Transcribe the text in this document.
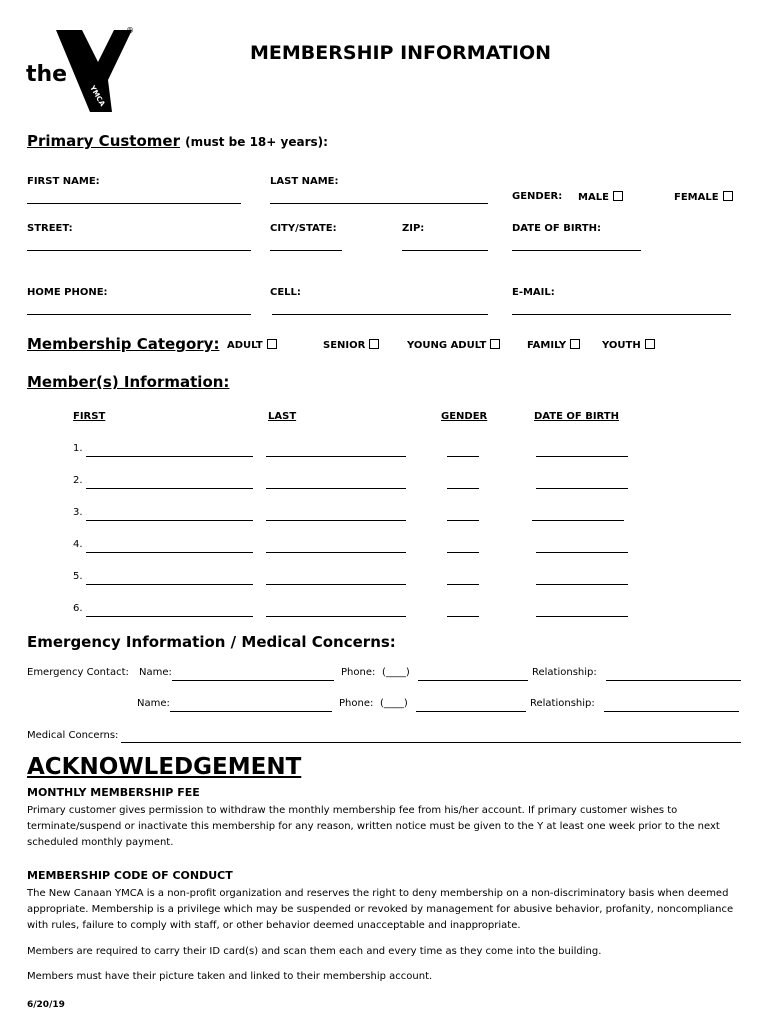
the
YMCA
®
MEMBERSHIP INFORMATION
Primary Customer (must be 18+ years):
FIRST NAME:	LAST NAME:
GENDER: MALE	FEMALE
STREET:	CITY/STATE:	ZIP:	DATE OF BIRTH:
HOME PHONE:	CELL:	E-MAIL:
Membership Category: ADULT	SENIOR	YOUNG ADULT	FAMILY	YOUTH
Member(s) Information:
FIRST	LAST	GENDER	DATE OF BIRTH
1.
2.
3.
4.
5.
6.
Emergency Information / Medical Concerns:
Emergency Contact: Name:	Phone: (____)	Relationship:
Name:	Phone: (____)	Relationship:
Medical Concerns:
ACKNOWLEDGEMENT
MONTHLY MEMBERSHIP FEE
Primary customer gives permission to withdraw the monthly membership fee from his/her account. If primary customer wishes to terminate/suspend or inactivate this membership for any reason, written notice must be given to the Y at least one week prior to the next scheduled monthly payment.
MEMBERSHIP CODE OF CONDUCT
The New Canaan YMCA is a non-profit organization and reserves the right to deny membership on a non-discriminatory basis when deemed appropriate. Membership is a privilege which may be suspended or revoked by management for abusive behavior, profanity, noncompliance with rules, failure to comply with staff, or other behavior deemed unacceptable and inappropriate.
Members are required to carry their ID card(s) and scan them each and every time as they come into the building.
Members must have their picture taken and linked to their membership account.
6/20/19
